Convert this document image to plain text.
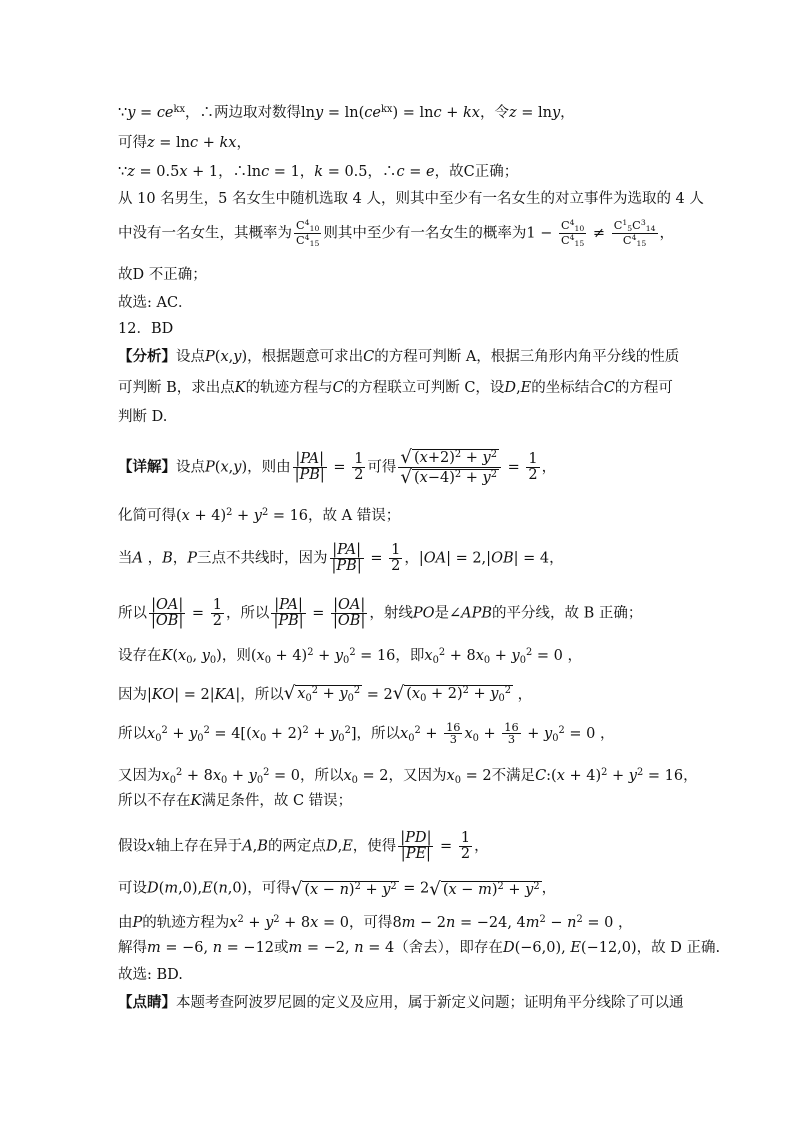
∵y = $ce^{kx}$，∴两边取对数得$\ln y = \ln(ce^{kx}) = \ln c$ + kx，令z = lny，
可得z = lnc + kx，
∵z = 0.5x + 1，∴lnc = 1，k = 0.5，∴c = e，故C正确；
从 10 名男生，5 名女生中随机选取 4 人，则其中至少有一名女生的对立事件为选取的 4 人
中没有一名女生，其概率为 $\frac{C^4_{10}}{C^4_{15}}$ 则其中至少有一名女生的概率为$1 - \frac{C^4_{10}}{C^4_{15}} \ne \frac{C^1_5C^3_{14}}{C^4_{15}}$ ，
故D 不正确；
故选: AC．
12．BD
【分析】设点P(x,y)，根据题意可求出C的方程可判断 A，根据三角形内角平分线的性质
可判断 B，求出点K的轨迹方程与C的方程联立可判断 C，设D,E的坐标结合C的方程可
判断 D.
【详解】设点P(x,y)，则由 $\frac{|PA|}{|PB|} = \frac{1}{2}$ 可得 $\frac{√ (x+2)^2 + y^2}{√ (x-4)^2 + y^2} = \frac{1}{2}$ ，
化简可得$(x + 4)^2 + y^2 = 16$，故 A 错误；
当A ，B，P三点不共线时，因为 $\frac{|PA|}{|PB|} = \frac{1}{2}$ ，|OA| = 2,|OB| = 4，
所以 $\frac{|OA|}{|OB|} = \frac{1}{2}$ ，所以 $\frac{|PA|}{|PB|} = \frac{|OA|}{|OB|}$ ，射线PO是∠APB的平分线，故 B 正确；
设存在$K(x_0$, $y_0$)，则$(x_0 + 4)^2 + y_0^2 = 16$，即$x_0^2 + 8x_0 + y_0^2 = 0$ ，
因为|KO| = 2|KA|，所以√ $x_0^2 + y_0^2 = 2√$ $(x_0 + 2)^2 + y_0^2$ ，
所以$x_0^2 + y_0^2 = 4[(x_0 + 2)^2 + y_0^2]$，所以$x_0^2 + \frac{16}{3} x_0 + \frac{16}{3} + y_0^2 = 0$ ，
又因为$x_0^2 + 8x_0 + y_0^2 = 0$，所以$x_0 = 2$，又因为$x_0 = 2$不满足C:(x + $4)^2 + y^2 = 16$，
所以不存在K满足条件，故 C 错误；
假设x轴上存在异于A,B的两定点D,E，使得 $\frac{|PD|}{|PE|} = \frac{1}{2}$ ，
可设D(m,0),E(n,0)，可得√ $(x - n)^2 + y^2 = 2√$ $(x - m)^2 + y^2$ ，
由P的轨迹方程为$x^2 + y^2 + 8x = 0$，可得8m − 2n = −24, $4m^2 - n^2 = 0$ ，
解得m = −6, n = −12或m = −2, n = 4（舍去），即存在D(−6,0), E(−12,0)，故 D 正确.
故选: BD.
【点睛】本题考查阿波罗尼圆的定义及应用，属于新定义问题；证明角平分线除了可以通
